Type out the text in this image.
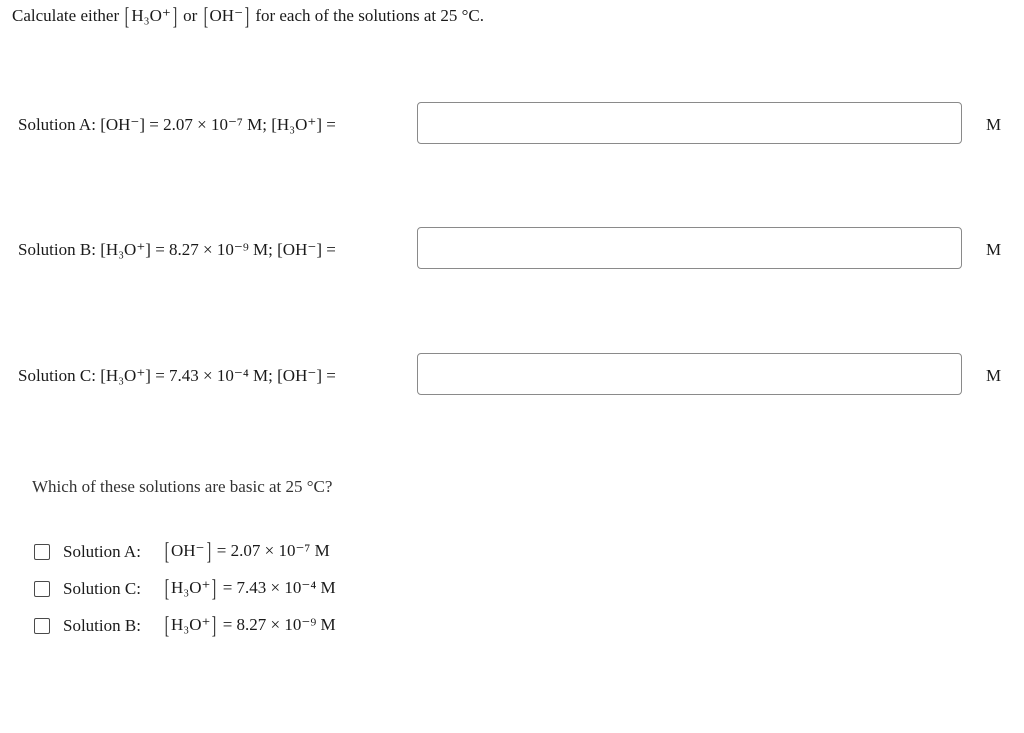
Calculate either [ H₃O⁺] or [ OH⁻] for each of the solutions at 25 °C.
Solution A: [OH⁻] = 2.07 × 10⁻⁷ M; [H₃O⁺] =	M
Solution B: [H₃O⁺] = 8.27 × 10⁻⁹ M; [OH⁻] =	M
Solution C: [H₃O⁺] = 7.43 × 10⁻⁴ M; [OH⁻] =	M
Which of these solutions are basic at 25 °C?
Solution A: [ OH⁻] = 2.07 × 10⁻⁷ M
Solution C: [ H₃O⁺] = 7.43 × 10⁻⁴ M
Solution B: [ H₃O⁺] = 8.27 × 10⁻⁹ M
